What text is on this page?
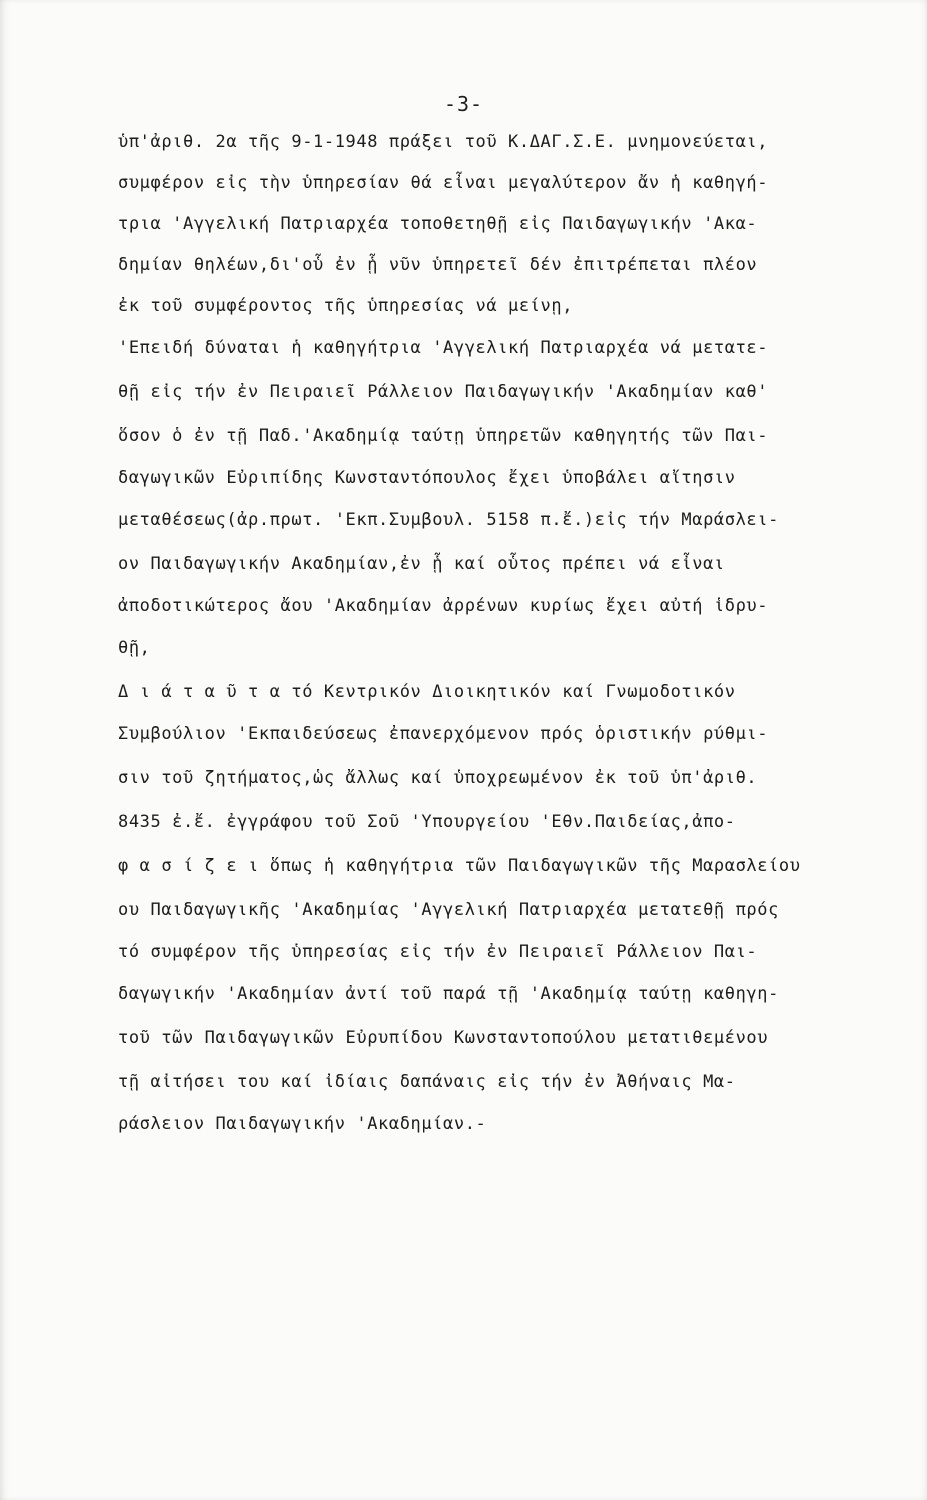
-3-
ὑπ'ἀριθ. 2α τῆς 9-1-1948 πράξει τοῦ Κ.ΔΑΓ.Σ.Ε. μνημονεύεται,
συμφέρον εἰς τὴν ὑπηρεσίαν θά εἶναι μεγαλύτερον ἄν ἡ καθηγή-
τρια 'Αγγελική Πατριαρχέα τοποθετηθῇ εἰς Παιδαγωγικήν 'Ακα-
δημίαν θηλέων,δι'οὗ ἐν ᾗ νῦν ὑπηρετεῖ δέν ἐπιτρέπεται πλέον
ἐκ τοῦ συμφέροντος τῆς ὑπηρεσίας νά μείνῃ,
'Επειδή δύναται ἡ καθηγήτρια 'Αγγελική Πατριαρχέα νά μετατε-
θῇ εἰς τήν ἐν Πειραιεῖ Ράλλειον Παιδαγωγικήν 'Ακαδημίαν καθ'
ὅσον ὁ ἐν τῇ Παδ.'Ακαδημίᾳ ταύτῃ ὑπηρετῶν καθηγητής τῶν Παι-
δαγωγικῶν Εὐριπίδης Κωνσταντόπουλος ἔχει ὑποβάλει αἴτησιν
μεταθέσεως(ἀρ.πρωτ. 'Εκπ.Συμβουλ. 5158 π.ἔ.)εἰς τήν Μαράσλει-
ον Παιδαγωγικήν Ακαδημίαν,ἐν ᾗ καί οὗτος πρέπει νά εἶναι
ἀποδοτικώτερος ἄου 'Ακαδημίαν ἀρρένων κυρίως ἔχει αὐτή ἱδρυ-
θῇ,
Δ ι ά τ α ῦ τ α τό Κεντρικόν Διοικητικόν καί Γνωμοδοτικόν
Συμβούλιον 'Εκπαιδεύσεως ἐπανερχόμενον πρός ὁριστικήν ρύθμι-
σιν τοῦ ζητήματος,ὡς ἄλλως καί ὑποχρεωμένον ἐκ τοῦ ὑπ'ἀριθ.
8435 ἐ.ἔ. ἐγγράφου τοῦ Σοῦ 'Υπουργείου 'Εθν.Παιδείας,ἀπο-
φ α σ ί ζ ε ι ὅπως ἡ καθηγήτρια τῶν Παιδαγωγικῶν τῆς Μαρασλείου
ου Παιδαγωγικῆς 'Ακαδημίας 'Αγγελική Πατριαρχέα μετατεθῇ πρός
τό συμφέρον τῆς ὑπηρεσίας εἰς τήν ἐν Πειραιεῖ Ράλλειον Παι-
δαγωγικήν 'Ακαδημίαν ἀντί τοῦ παρά τῇ 'Ακαδημίᾳ ταύτῃ καθηγη-
τοῦ τῶν Παιδαγωγικῶν Εὐρυπίδου Κωνσταντοπούλου μετατιθεμένου
τῇ αἰτήσει του καί ἰδίαις δαπάναις εἰς τήν ἐν Ἀθήναις Μα-
ράσλειον Παιδαγωγικήν 'Ακαδημίαν.-
